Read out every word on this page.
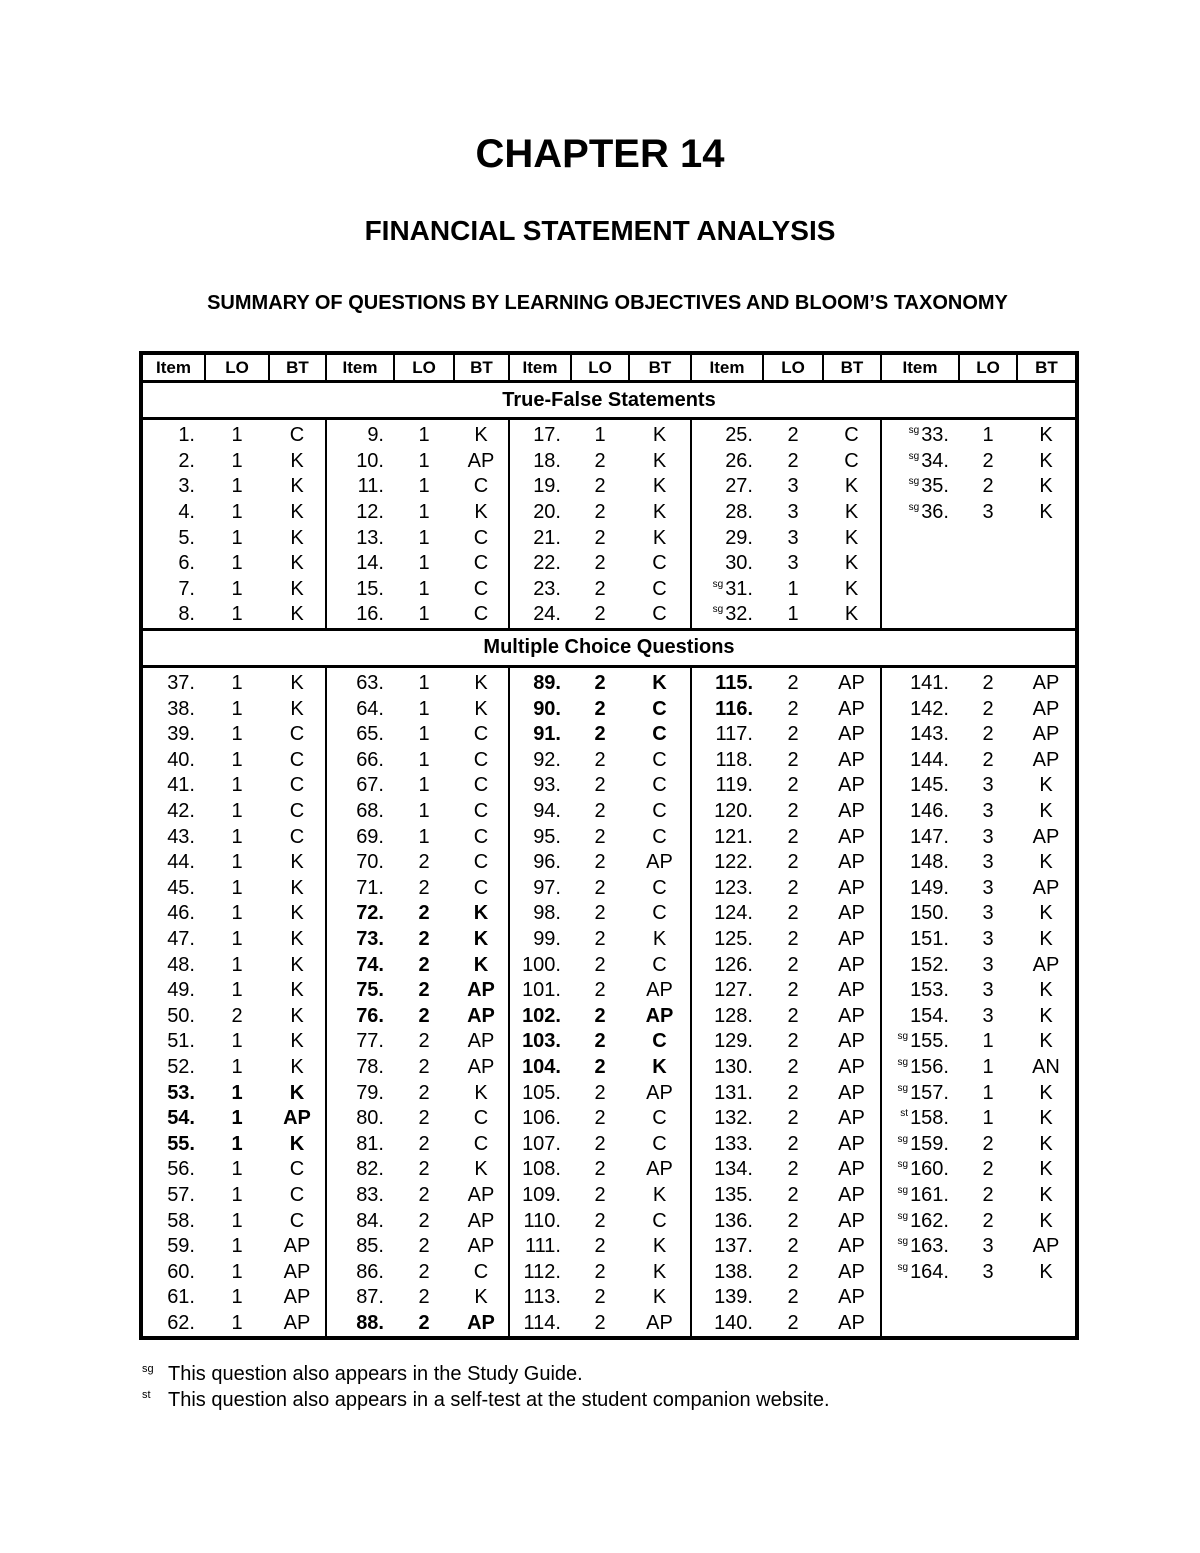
CHAPTER 14
FINANCIAL STATEMENT ANALYSIS
SUMMARY OF QUESTIONS BY LEARNING OBJECTIVES AND BLOOM’S TAXONOMY
Item	LO	BT	Item	LO	BT	Item	LO	BT	Item	LO	BT	Item	LO	BT
True-False Statements														
1.	1	C	9.	1	K	17.	1	K	25.	2	C	$^{sg}$ 33.	1	K
2.	1	K	10.	1	AP	18.	2	K	26.	2	C	$^{sg}$ 34.	2	K
3.	1	K	11.	1	C	19.	2	K	27.	3	K	$^{sg}$ 35.	2	K
4.	1	K	12.	1	K	20.	2	K	28.	3	K	$^{sg}$ 36.	3	K
5.	1	K	13.	1	C	21.	2	K	29.	3	K			
6.	1	K	14.	1	C	22.	2	C	30.	3	K			
7.	1	K	15.	1	C	23.	2	C	$^{sg}$ 31.	1	K			
8.	1	K	16.	1	C	24.	2	C	$^{sg}$ 32.	1	K			
Multiple Choice Questions														
37.	1	K	63.	1	K	89.	2	K	115.	2	AP	141.	2	AP
38.	1	K	64.	1	K	90.	2	C	116.	2	AP	142.	2	AP
39.	1	C	65.	1	C	91.	2	C	117.	2	AP	143.	2	AP
40.	1	C	66.	1	C	92.	2	C	118.	2	AP	144.	2	AP
41.	1	C	67.	1	C	93.	2	C	119.	2	AP	145.	3	K
42.	1	C	68.	1	C	94.	2	C	120.	2	AP	146.	3	K
43.	1	C	69.	1	C	95.	2	C	121.	2	AP	147.	3	AP
44.	1	K	70.	2	C	96.	2	AP	122.	2	AP	148.	3	K
45.	1	K	71.	2	C	97.	2	C	123.	2	AP	149.	3	AP
46.	1	K	72.	2	K	98.	2	C	124.	2	AP	150.	3	K
47.	1	K	73.	2	K	99.	2	K	125.	2	AP	151.	3	K
48.	1	K	74.	2	K	100.	2	C	126.	2	AP	152.	3	AP
49.	1	K	75.	2	AP	101.	2	AP	127.	2	AP	153.	3	K
50.	2	K	76.	2	AP	102.	2	AP	128.	2	AP	154.	3	K
51.	1	K	77.	2	AP	103.	2	C	129.	2	AP	$^{sg}$ 155.	1	K
52.	1	K	78.	2	AP	104.	2	K	130.	2	AP	$^{sg}$ 156.	1	AN
53.	1	K	79.	2	K	105.	2	AP	131.	2	AP	$^{sg}$ 157.	1	K
54.	1	AP	80.	2	C	106.	2	C	132.	2	AP	$^{st}$ 158.	1	K
55.	1	K	81.	2	C	107.	2	C	133.	2	AP	$^{sg}$ 159.	2	K
56.	1	C	82.	2	K	108.	2	AP	134.	2	AP	$^{sg}$ 160.	2	K
57.	1	C	83.	2	AP	109.	2	K	135.	2	AP	$^{sg}$ 161.	2	K
58.	1	C	84.	2	AP	110.	2	C	136.	2	AP	$^{sg}$ 162.	2	K
59.	1	AP	85.	2	AP	111.	2	K	137.	2	AP	$^{sg}$ 163.	3	AP
60.	1	AP	86.	2	C	112.	2	K	138.	2	AP	$^{sg}$ 164.	3	K
61.	1	AP	87.	2	K	113.	2	K	139.	2	AP			
62.	1	AP	88.	2	AP	114.	2	AP	140.	2	AP			
sg This question also appears in the Study Guide.
st This question also appears in a self-test at the student companion website.
